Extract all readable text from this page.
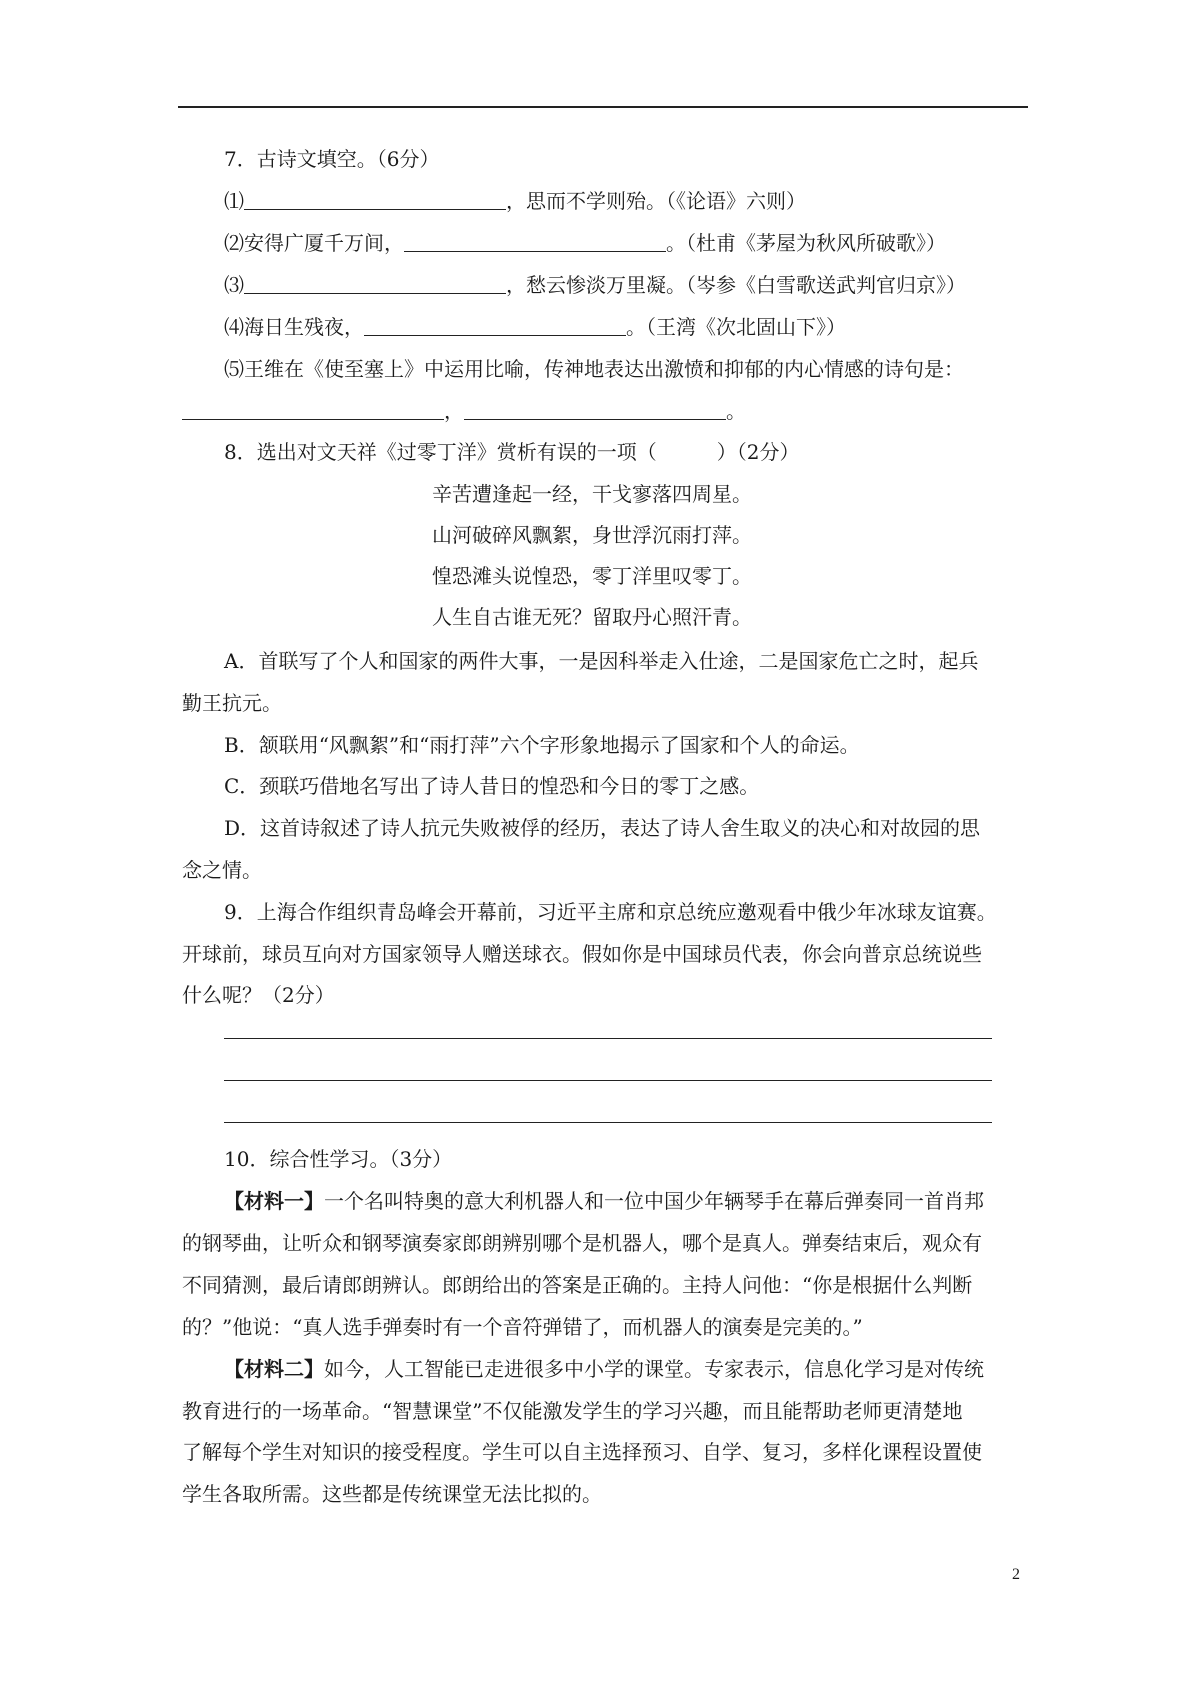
7．古诗文填空。（6分）
⑴	，思而不学则殆。（《论语》六则）
⑵安得广厦千万间，	。（杜甫《茅屋为秋风所破歌》）
⑶	，愁云惨淡万里凝。（岑参《白雪歌送武判官归京》）
⑷海日生残夜，	。（王湾《次北固山下》）
⑸王维在《使至塞上》中运用比喻，传神地表达出激愤和抑郁的内心情感的诗句是：
，	。
8．选出对文天祥《过零丁洋》赏析有误的一项（　　　）（2分）
辛苦遭逢起一经，干戈寥落四周星。
山河破碎风飘絮，身世浮沉雨打萍。
惶恐滩头说惶恐，零丁洋里叹零丁。
人生自古谁无死？留取丹心照汗青。
A．首联写了个人和国家的两件大事，一是因科举走入仕途，二是国家危亡之时，起兵
勤王抗元。
B．颔联用“风飘絮”和“雨打萍”六个字形象地揭示了国家和个人的命运。
C．颈联巧借地名写出了诗人昔日的惶恐和今日的零丁之感。
D．这首诗叙述了诗人抗元失败被俘的经历，表达了诗人舍生取义的决心和对故园的思
念之情。
9．上海合作组织青岛峰会开幕前，习近平主席和京总统应邀观看中俄少年冰球友谊赛。
开球前，球员互向对方国家领导人赠送球衣。假如你是中国球员代表，你会向普京总统说些
什么呢？（2分）
10．综合性学习。（3分）
【材料一】一个名叫特奥的意大利机器人和一位中国少年辆琴手在幕后弹奏同一首肖邦
的钢琴曲，让听众和钢琴演奏家郎朗辨别哪个是机器人，哪个是真人。弹奏结束后，观众有
不同猜测，最后请郎朗辨认。郎朗给出的答案是正确的。主持人问他：“你是根据什么判断
的？”他说：“真人选手弹奏时有一个音符弹错了，而机器人的演奏是完美的。”
【材料二】如今，人工智能已走进很多中小学的课堂。专家表示，信息化学习是对传统
教育进行的一场革命。“智慧课堂”不仅能激发学生的学习兴趣，而且能帮助老师更清楚地
了解每个学生对知识的接受程度。学生可以自主选择预习、自学、复习，多样化课程设置使
学生各取所需。这些都是传统课堂无法比拟的。
2
